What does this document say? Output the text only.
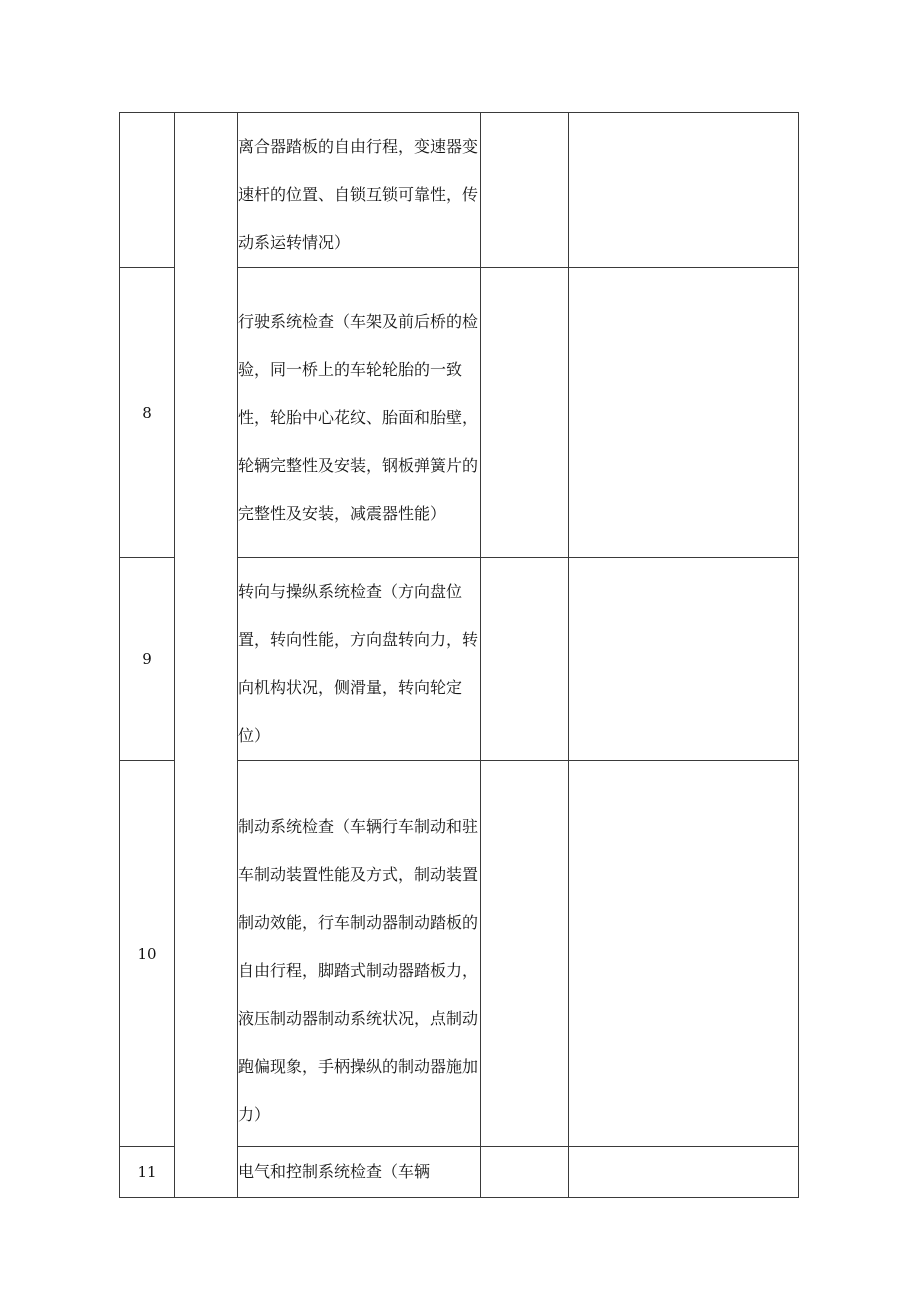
		离合器踏板的自由行程，变速器变速杆的位置、自锁互锁可靠性，传动系运转情况）		

8		行驶系统检查（车架及前后桥的检验，同一桥上的车轮轮胎的一致性，轮胎中心花纹、胎面和胎壁，轮辆完整性及安装，钢板弹簧片的完整性及安装，减震器性能）		

9		转向与操纵系统检查（方向盘位置，转向性能，方向盘转向力，转向机构状况，侧滑量，转向轮定位）		

10		制动系统检查（车辆行车制动和驻车制动装置性能及方式，制动装置制动效能，行车制动器制动踏板的自由行程，脚踏式制动器踏板力，液压制动器制动系统状况，点制动跑偏现象，手柄操纵的制动器施加力）		

11		电气和控制系统检查（车辆		
